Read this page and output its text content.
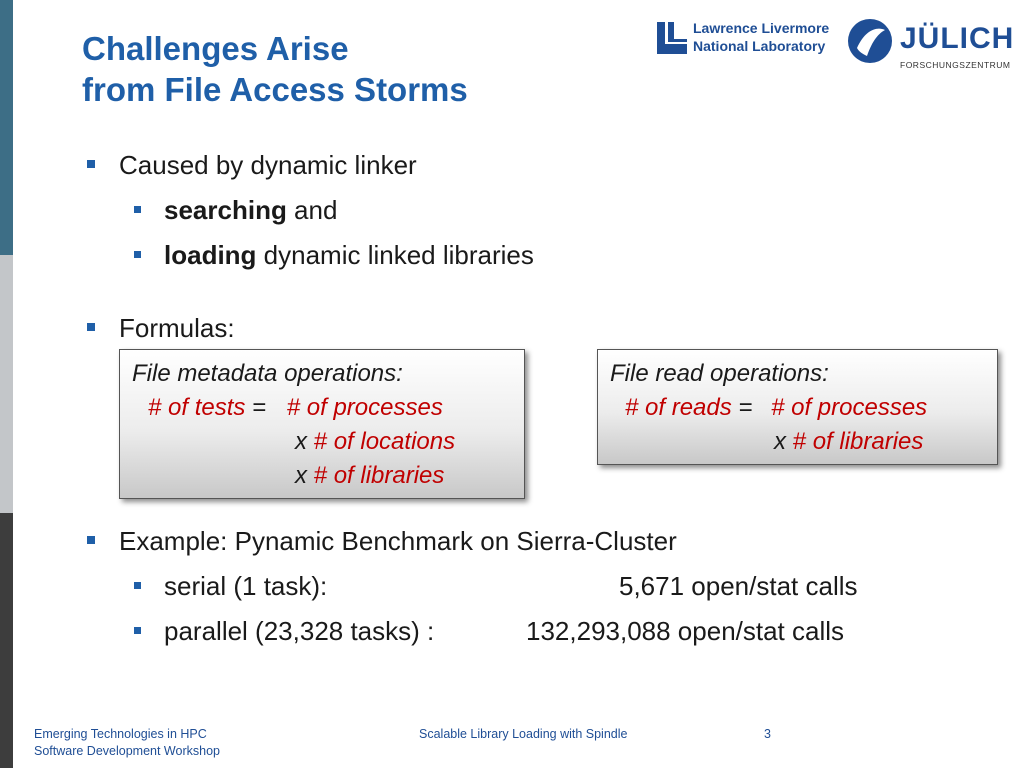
Challenges Arise
from File Access Storms
Lawrence Livermore
National Laboratory JÜLICH
FORSCHUNGSZENTRUM
Caused by dynamic linker
searching and
loading dynamic linked libraries
Formulas:
File metadata operations:
# of tests = # of processes
x # of locations
x # of libraries
File read operations:
# of reads = # of processes
x # of libraries
Example: Pynamic Benchmark on Sierra-Cluster
serial (1 task):	5,671 open/stat calls
parallel (23,328 tasks) :	132,293,088 open/stat calls
Emerging Technologies in HPC
Software Development Workshop
Scalable Library Loading with Spindle	3
